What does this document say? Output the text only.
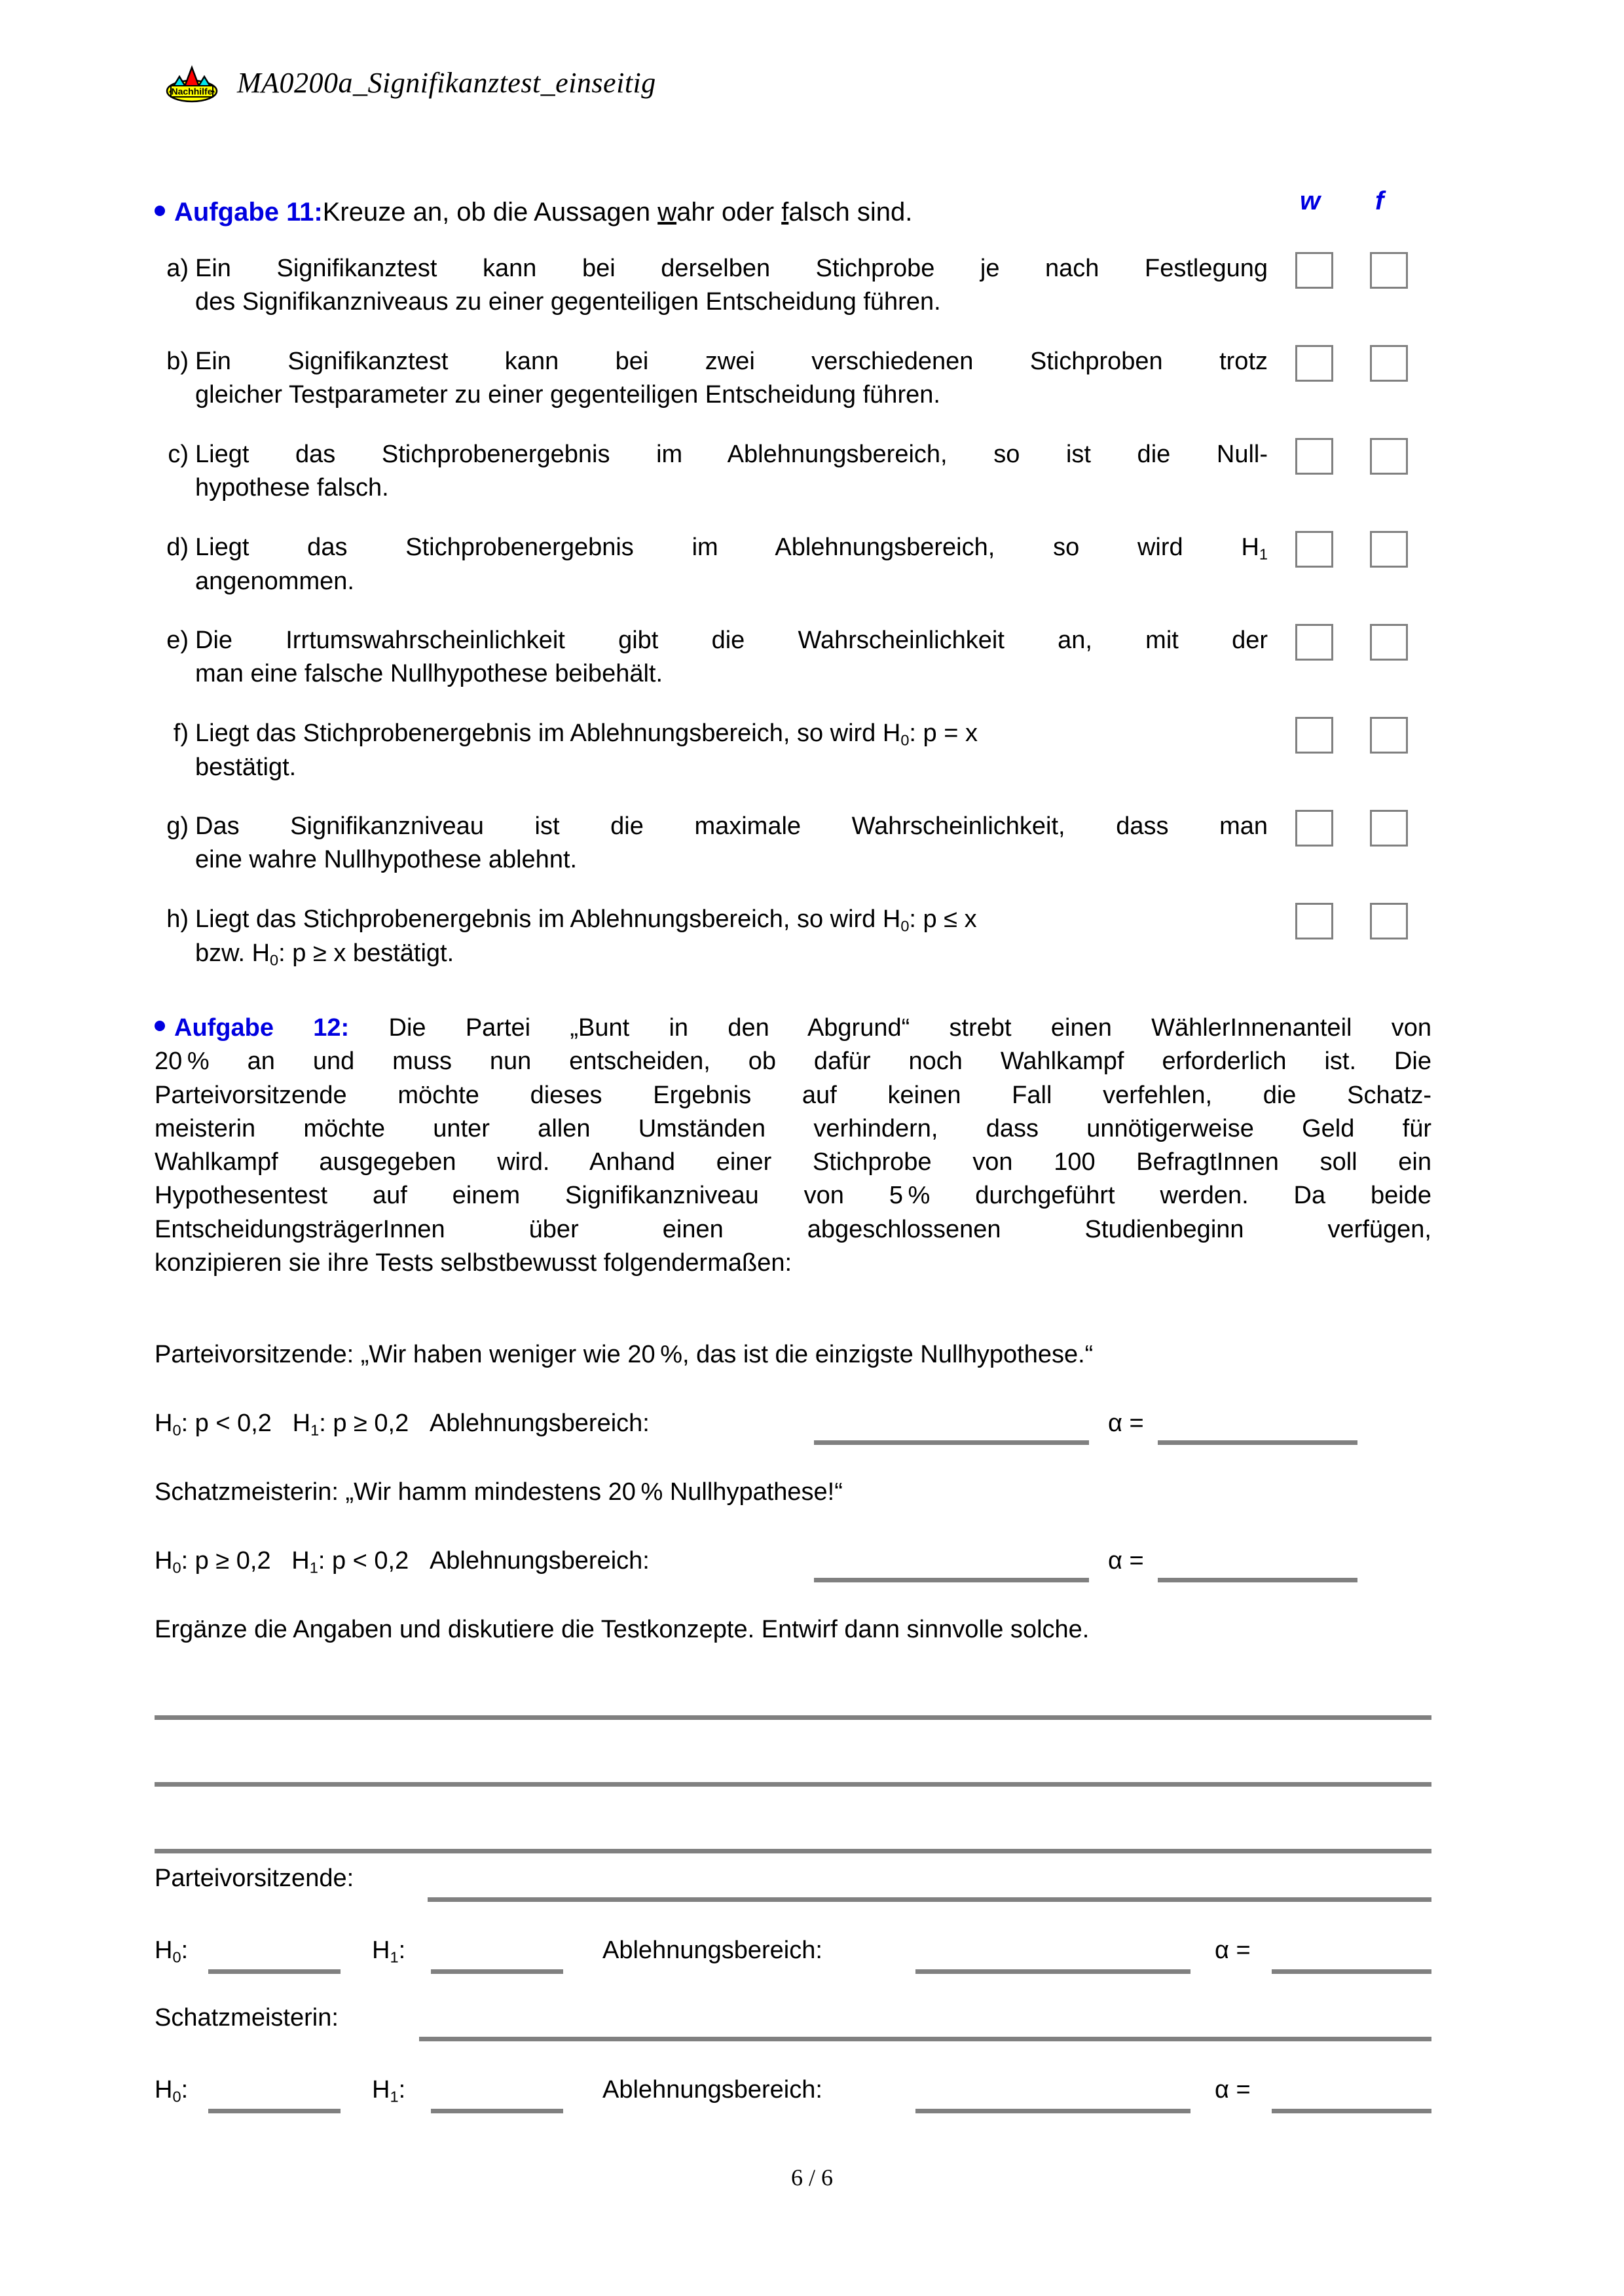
Nachhilfe MA0200a_Signifikanztest_einseitig
Aufgabe 11:Kreuze an, ob die Aussagen wahr oder falsch sind.	w f
a) Ein Signifikanztest kann bei derselben Stichprobe je nach Festlegung
des Signifikanzniveaus zu einer gegenteiligen Entscheidung führen.
b) Ein Signifikanztest kann bei zwei verschiedenen Stichproben trotz
gleicher Testparameter zu einer gegenteiligen Entscheidung führen.
c) Liegt das Stichprobenergebnis im Ablehnungsbereich, so ist die Null-
hypothese falsch.
d) Liegt das Stichprobenergebnis im Ablehnungsbereich, so wird $H_1$
angenommen.
e) Die Irrtumswahrscheinlichkeit gibt die Wahrscheinlichkeit an, mit der
man eine falsche Nullhypothese beibehält.
f) Liegt das Stichprobenergebnis im Ablehnungsbereich, so wird $H_0$: p = x
bestätigt.
g) Das Signifikanzniveau ist die maximale Wahrscheinlichkeit, dass man
eine wahre Nullhypothese ablehnt.
h) Liegt das Stichprobenergebnis im Ablehnungsbereich, so wird $H_0$: p ≤ x
bzw. $H_0$: p ≥ x bestätigt.
Aufgabe 12: Die Partei „Bunt in den Abgrund“ strebt einen WählerInnenanteil von
20 % an und muss nun entscheiden, ob dafür noch Wahlkampf erforderlich ist. Die
Parteivorsitzende möchte dieses Ergebnis auf keinen Fall verfehlen, die Schatz-
meisterin möchte unter allen Umständen verhindern, dass unnötigerweise Geld für
Wahlkampf ausgegeben wird. Anhand einer Stichprobe von 100 BefragtInnen soll ein
Hypothesentest auf einem Signifikanzniveau von 5 % durchgeführt werden. Da beide
EntscheidungsträgerInnen über einen abgeschlossenen Studienbeginn verfügen,
konzipieren sie ihre Tests selbstbewusst folgendermaßen:
Parteivorsitzende: „Wir haben weniger wie 20 %, das ist die einzigste Nullhypothese.“
$H_0$: p < 0,2 $H_1$: p ≥ 0,2 Ablehnungsbereich:	α =
Schatzmeisterin: „Wir hamm mindestens 20 % Nullhypathese!“
$H_0$: p ≥ 0,2 $H_1$: p < 0,2 Ablehnungsbereich:	α =
Ergänze die Angaben und diskutiere die Testkonzepte. Entwirf dann sinnvolle solche.
Parteivorsitzende:
$H_0$:	$H_1$:	Ablehnungsbereich:	α =
Schatzmeisterin:
$H_0$:	$H_1$:	Ablehnungsbereich:	α =
6 / 6
